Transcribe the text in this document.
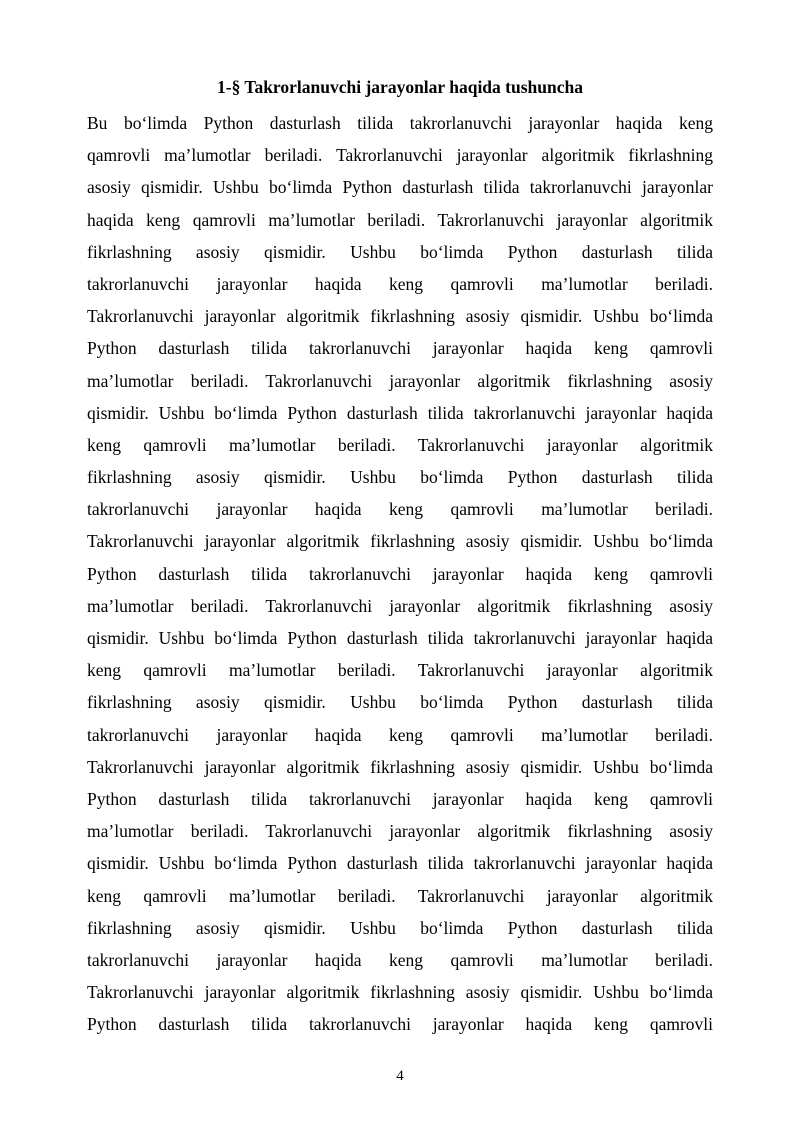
1-§ Takrorlanuvchi jarayonlar haqida tushuncha
Bu bo‘limda Python dasturlash tilida takrorlanuvchi jarayonlar haqida keng
qamrovli ma’lumotlar beriladi. Takrorlanuvchi jarayonlar algoritmik fikrlashning
asosiy qismidir. Ushbu bo‘limda Python dasturlash tilida takrorlanuvchi jarayonlar
haqida keng qamrovli ma’lumotlar beriladi. Takrorlanuvchi jarayonlar algoritmik
fikrlashning asosiy qismidir. Ushbu bo‘limda Python dasturlash tilida
takrorlanuvchi jarayonlar haqida keng qamrovli ma’lumotlar beriladi.
Takrorlanuvchi jarayonlar algoritmik fikrlashning asosiy qismidir. Ushbu bo‘limda
Python dasturlash tilida takrorlanuvchi jarayonlar haqida keng qamrovli
ma’lumotlar beriladi. Takrorlanuvchi jarayonlar algoritmik fikrlashning asosiy
qismidir. Ushbu bo‘limda Python dasturlash tilida takrorlanuvchi jarayonlar haqida
keng qamrovli ma’lumotlar beriladi. Takrorlanuvchi jarayonlar algoritmik
fikrlashning asosiy qismidir. Ushbu bo‘limda Python dasturlash tilida
takrorlanuvchi jarayonlar haqida keng qamrovli ma’lumotlar beriladi.
Takrorlanuvchi jarayonlar algoritmik fikrlashning asosiy qismidir. Ushbu bo‘limda
Python dasturlash tilida takrorlanuvchi jarayonlar haqida keng qamrovli
ma’lumotlar beriladi. Takrorlanuvchi jarayonlar algoritmik fikrlashning asosiy
qismidir. Ushbu bo‘limda Python dasturlash tilida takrorlanuvchi jarayonlar haqida
keng qamrovli ma’lumotlar beriladi. Takrorlanuvchi jarayonlar algoritmik
fikrlashning asosiy qismidir. Ushbu bo‘limda Python dasturlash tilida
takrorlanuvchi jarayonlar haqida keng qamrovli ma’lumotlar beriladi.
Takrorlanuvchi jarayonlar algoritmik fikrlashning asosiy qismidir. Ushbu bo‘limda
Python dasturlash tilida takrorlanuvchi jarayonlar haqida keng qamrovli
ma’lumotlar beriladi. Takrorlanuvchi jarayonlar algoritmik fikrlashning asosiy
qismidir. Ushbu bo‘limda Python dasturlash tilida takrorlanuvchi jarayonlar haqida
keng qamrovli ma’lumotlar beriladi. Takrorlanuvchi jarayonlar algoritmik
fikrlashning asosiy qismidir. Ushbu bo‘limda Python dasturlash tilida
takrorlanuvchi jarayonlar haqida keng qamrovli ma’lumotlar beriladi.
Takrorlanuvchi jarayonlar algoritmik fikrlashning asosiy qismidir. Ushbu bo‘limda
Python dasturlash tilida takrorlanuvchi jarayonlar haqida keng qamrovli
4
